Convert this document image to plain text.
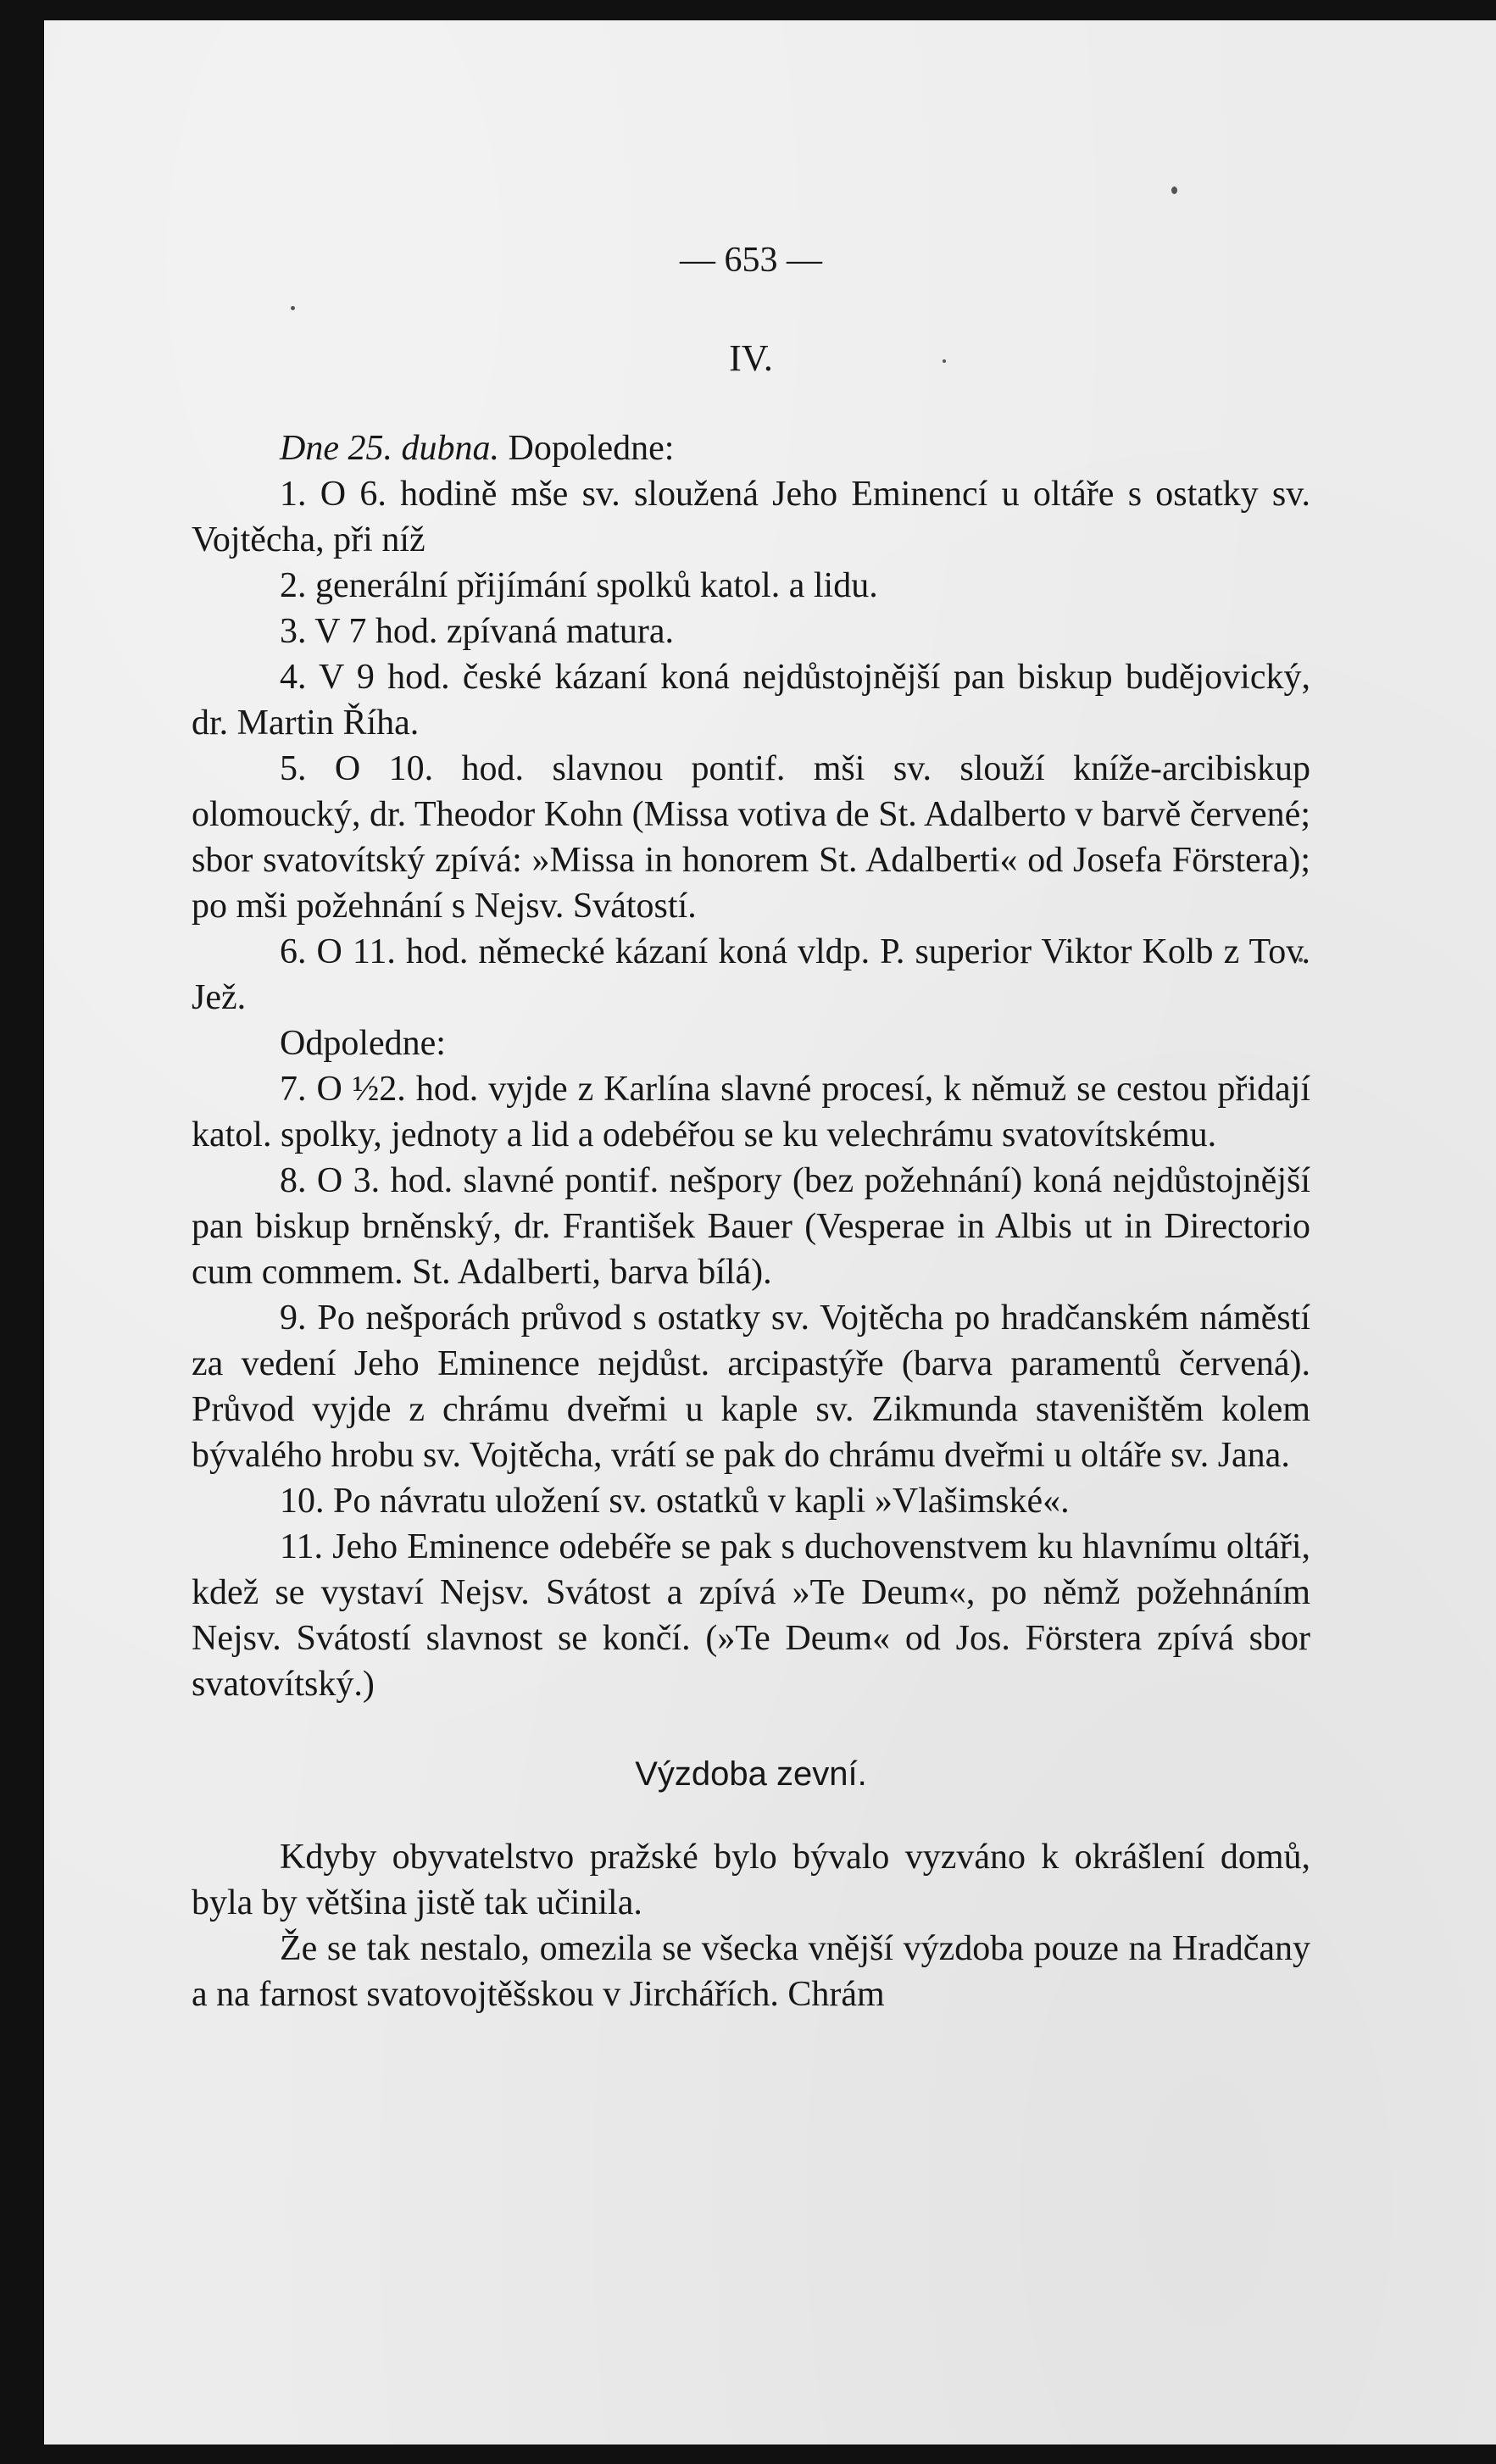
— 653 —
IV.

Dne 25. dubna. Dopoledne:

1. O 6. hodině mše sv. sloužená Jeho Eminencí u oltáře s ostatky sv. Vojtěcha, při níž

2. generální přijímání spolků katol. a lidu.

3. V 7 hod. zpívaná matura.

4. V 9 hod. české kázaní koná nejdůstojnější pan biskup budějovický, dr. Martin Říha.

5. O 10. hod. slavnou pontif. mši sv. slouží kníže-arcibiskup olomoucký, dr. Theodor Kohn (Missa votiva de St. Adalberto v barvě červené; sbor svatovítský zpívá: »Missa in honorem St. Adalberti« od Josefa Förstera); po mši požehnání s Nejsv. Svátostí.

6. O 11. hod. německé kázaní koná vldp. P. superior Viktor Kolb z Tov. Jež.

Odpoledne:

7. O ½2. hod. vyjde z Karlína slavné procesí, k němuž se cestou přidají katol. spolky, jednoty a lid a odebéřou se ku velechrámu svatovítskému.

8. O 3. hod. slavné pontif. nešpory (bez požehnání) koná nejdůstojnější pan biskup brněnský, dr. František Bauer (Vesperae in Albis ut in Directorio cum commem. St. Adalberti, barva bílá).

9. Po nešporách průvod s ostatky sv. Vojtěcha po hradčanském náměstí za vedení Jeho Eminence nejdůst. arcipastýře (barva paramentů červená). Průvod vyjde z chrámu dveřmi u kaple sv. Zikmunda staveništěm kolem bývalého hrobu sv. Vojtěcha, vrátí se pak do chrámu dveřmi u oltáře sv. Jana.

10. Po návratu uložení sv. ostatků v kapli »Vlašimské«.

11. Jeho Eminence odebéře se pak s duchovenstvem ku hlavnímu oltáři, kdež se vystaví Nejsv. Svátost a zpívá »Te Deum«, po němž požehnáním Nejsv. Svátostí slavnost se končí. (»Te Deum« od Jos. Förstera zpívá sbor svatovítský.)

Výzdoba zevní.

Kdyby obyvatelstvo pražské bylo bývalo vyzváno k okrášlení domů, byla by většina jistě tak učinila.

Že se tak nestalo, omezila se všecka vnější výzdoba pouze na Hradčany a na farnost svatovojtěšskou v Jirchářích. Chrám
